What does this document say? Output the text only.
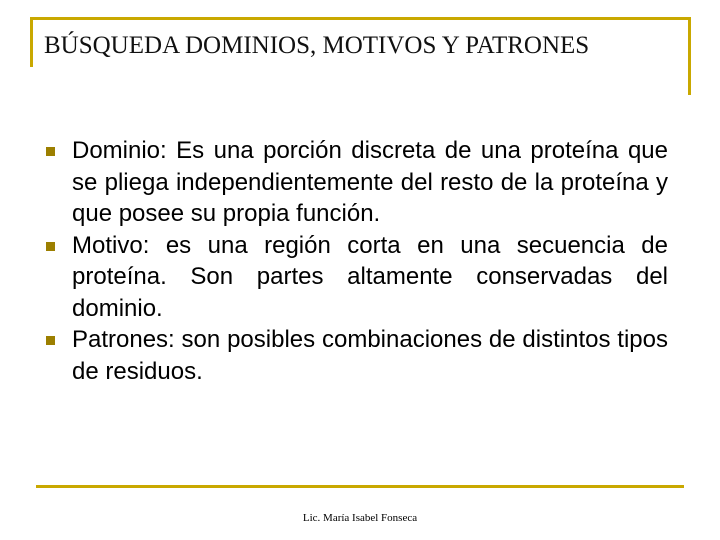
BÚSQUEDA DOMINIOS, MOTIVOS Y PATRONES
Dominio: Es una porción discreta de una proteína que se pliega independientemente del resto de la proteína y que posee su propia función.
Motivo: es una región corta en una secuencia de proteína. Son partes altamente conservadas del dominio.
Patrones: son posibles combinaciones de distintos tipos de residuos.
Lic. María Isabel Fonseca
